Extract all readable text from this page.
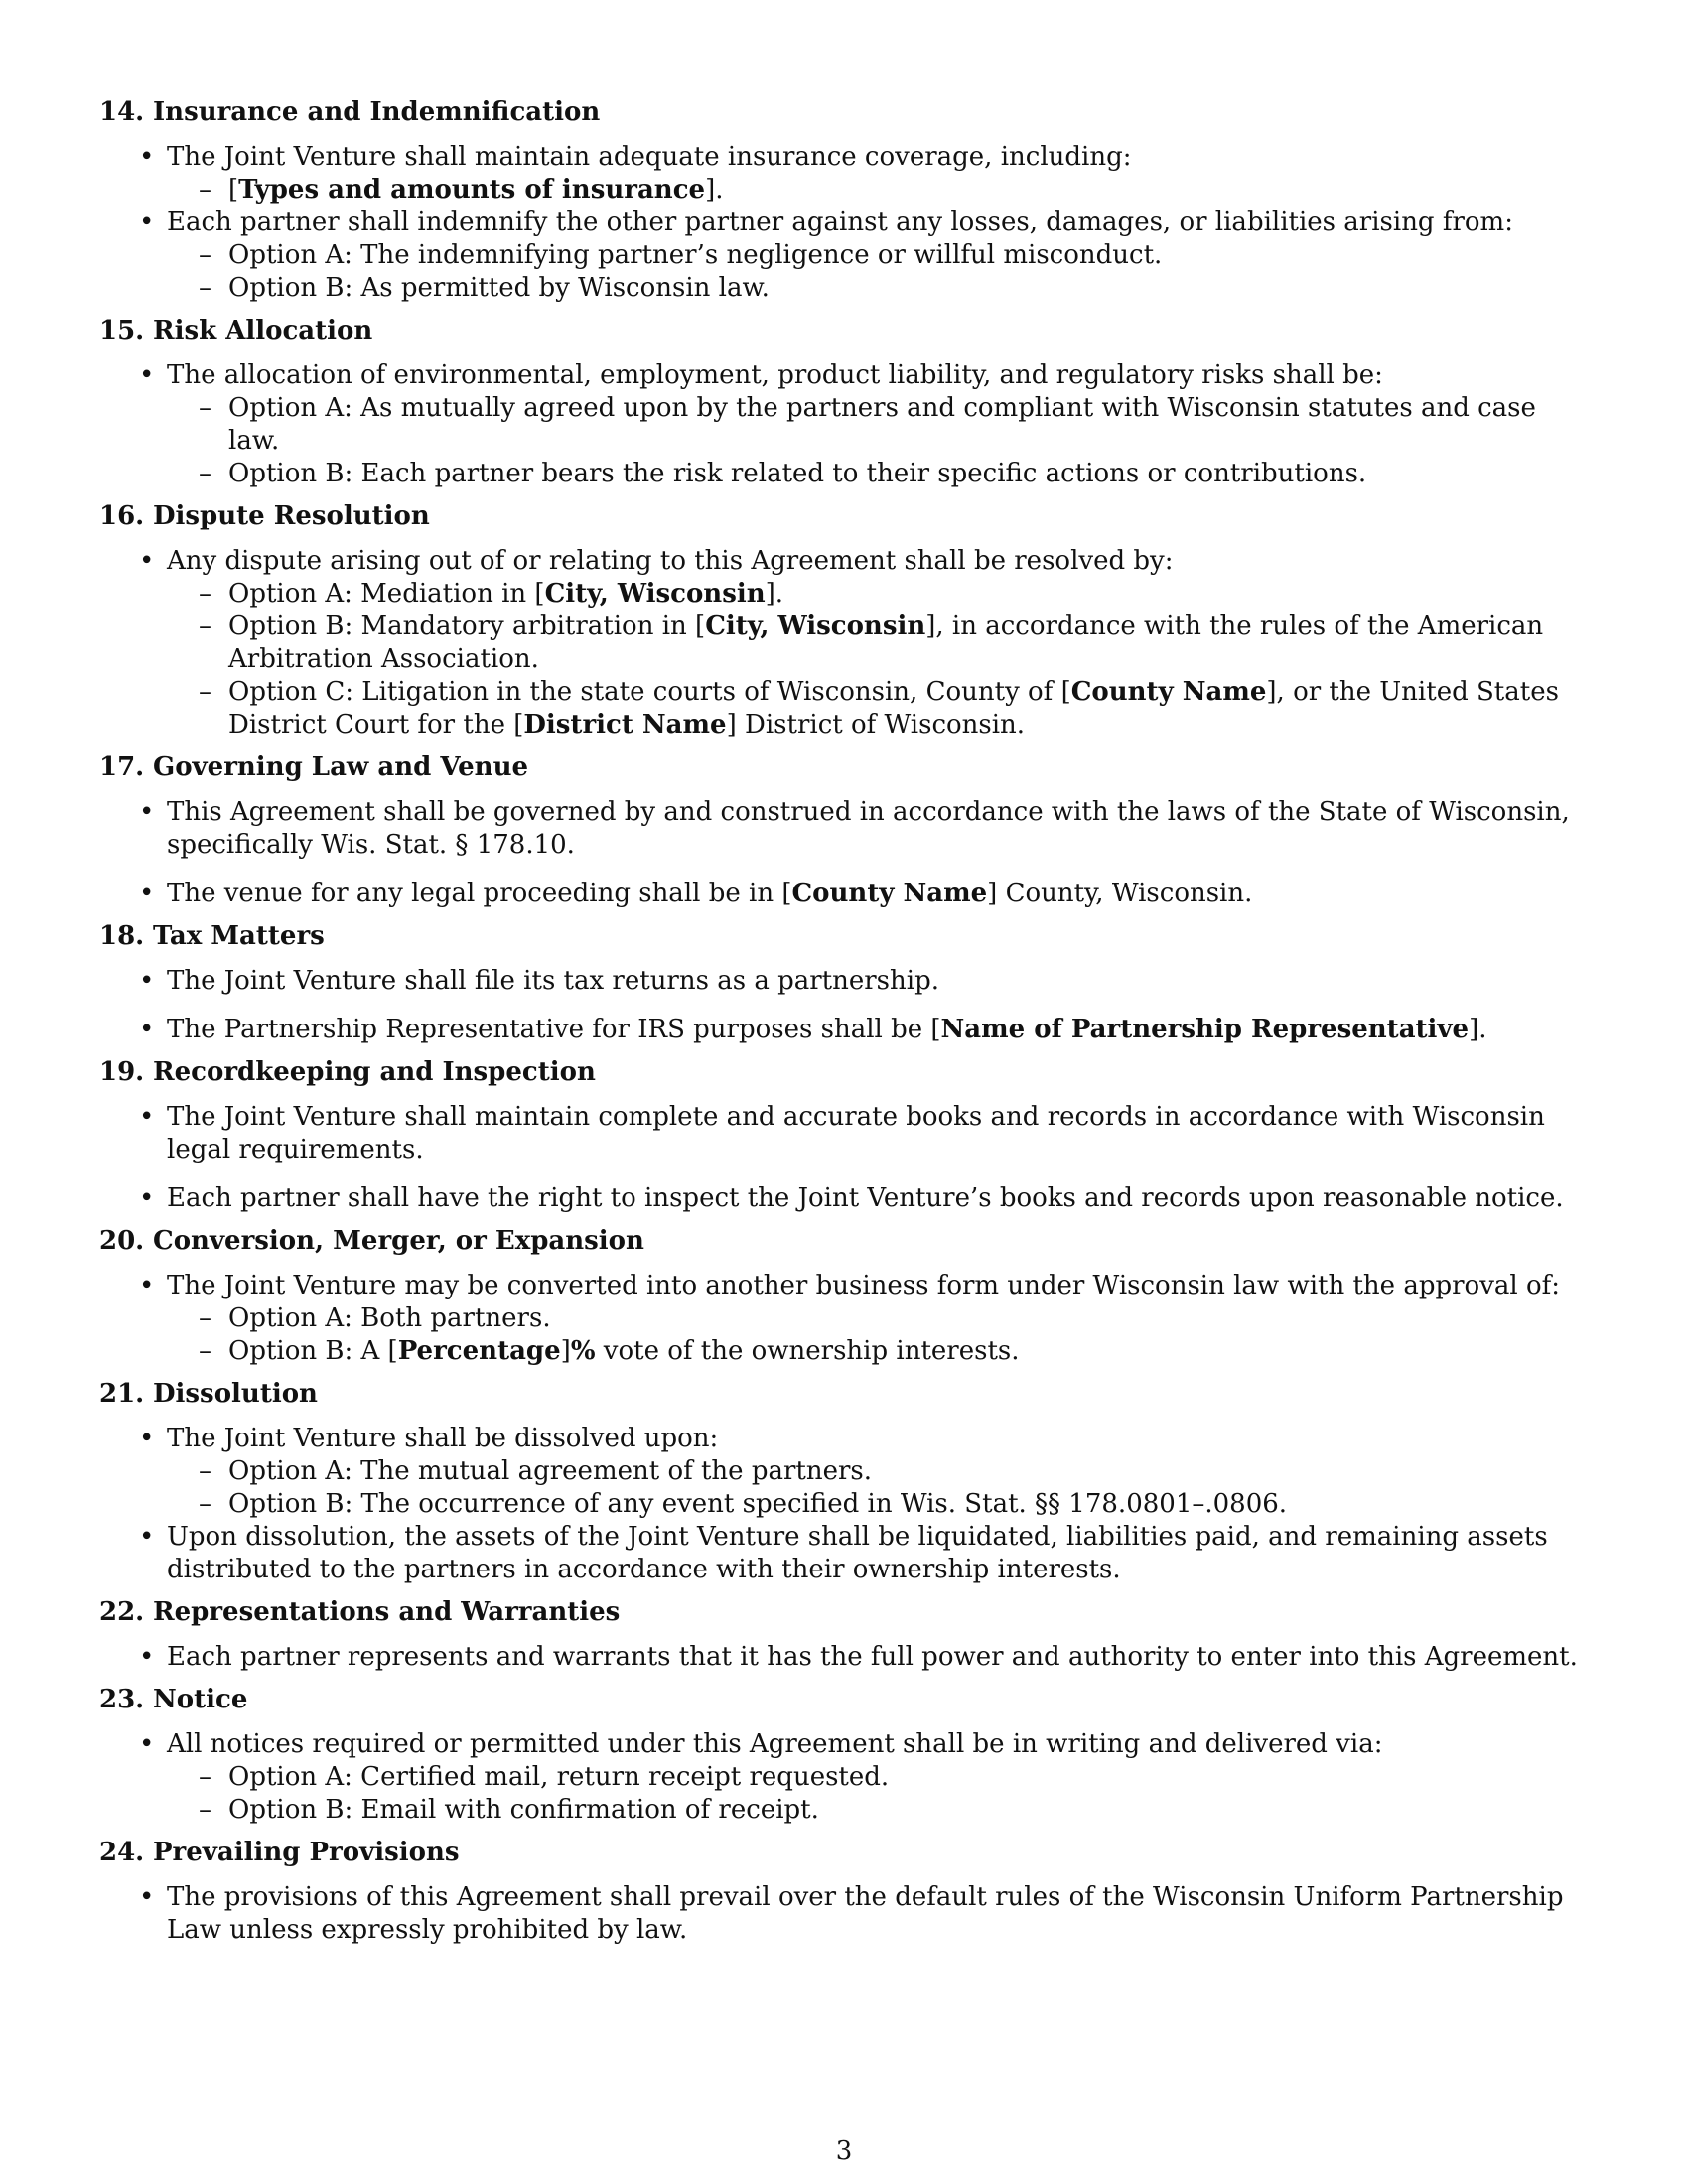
14. Insurance and Indemnification
• The Joint Venture shall maintain adequate insurance coverage, including:
– [Types and amounts of insurance].
• Each partner shall indemnify the other partner against any losses, damages, or liabilities arising from:
– Option A: The indemnifying partner’s negligence or willful misconduct.
– Option B: As permitted by Wisconsin law.
15. Risk Allocation
• The allocation of environmental, employment, product liability, and regulatory risks shall be:
– Option A: As mutually agreed upon by the partners and compliant with Wisconsin statutes and case law.
– Option B: Each partner bears the risk related to their specific actions or contributions.
16. Dispute Resolution
• Any dispute arising out of or relating to this Agreement shall be resolved by:
– Option A: Mediation in [City, Wisconsin].
– Option B: Mandatory arbitration in [City, Wisconsin], in accordance with the rules of the American Arbitration Association.
– Option C: Litigation in the state courts of Wisconsin, County of [County Name], or the United States District Court for the [District Name] District of Wisconsin.
17. Governing Law and Venue
• This Agreement shall be governed by and construed in accordance with the laws of the State of Wisconsin, specifically Wis. Stat. § 178.10.
• The venue for any legal proceeding shall be in [County Name] County, Wisconsin.
18. Tax Matters
• The Joint Venture shall file its tax returns as a partnership.
• The Partnership Representative for IRS purposes shall be [Name of Partnership Representative].
19. Recordkeeping and Inspection
• The Joint Venture shall maintain complete and accurate books and records in accordance with Wisconsin legal requirements.
• Each partner shall have the right to inspect the Joint Venture’s books and records upon reasonable notice.
20. Conversion, Merger, or Expansion
• The Joint Venture may be converted into another business form under Wisconsin law with the approval of:
– Option A: Both partners.
– Option B: A [Percentage]% vote of the ownership interests.
21. Dissolution
• The Joint Venture shall be dissolved upon:
– Option A: The mutual agreement of the partners.
– Option B: The occurrence of any event specified in Wis. Stat. §§ 178.0801–.0806.
• Upon dissolution, the assets of the Joint Venture shall be liquidated, liabilities paid, and remaining assets distributed to the partners in accordance with their ownership interests.
22. Representations and Warranties
• Each partner represents and warrants that it has the full power and authority to enter into this Agreement.
23. Notice
• All notices required or permitted under this Agreement shall be in writing and delivered via:
– Option A: Certified mail, return receipt requested.
– Option B: Email with confirmation of receipt.
24. Prevailing Provisions
• The provisions of this Agreement shall prevail over the default rules of the Wisconsin Uniform Partnership Law unless expressly prohibited by law.
3
